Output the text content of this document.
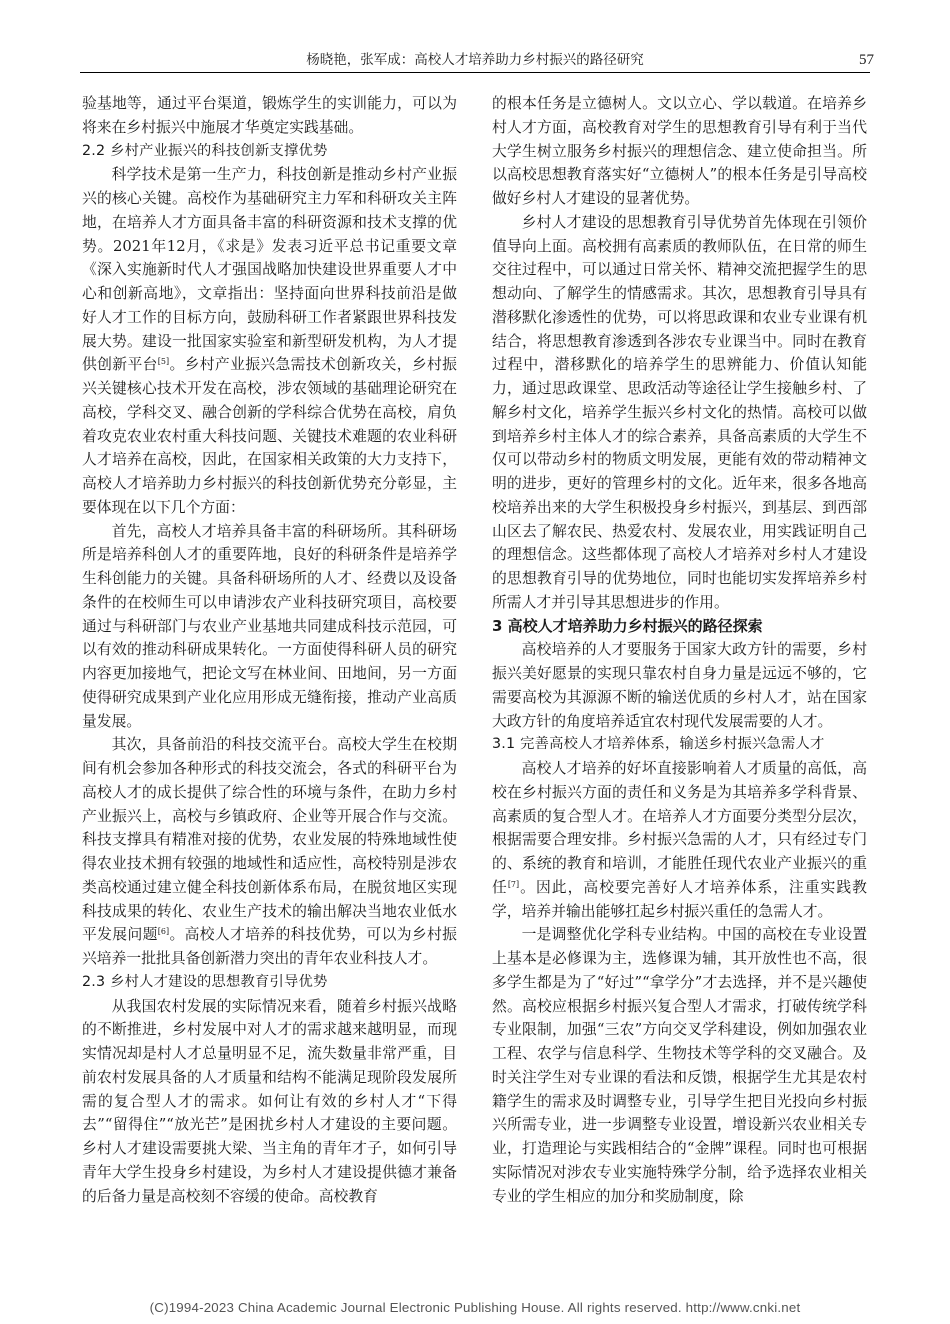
杨晓艳，张军成：高校人才培养助力乡村振兴的路径研究	57

验基地等，通过平台渠道，锻炼学生的实训能力，可以为将来在乡村振兴中施展才华奠定实践基础。

2.2 乡村产业振兴的科技创新支撑优势

科学技术是第一生产力，科技创新是推动乡村产业振兴的核心关键。高校作为基础研究主力军和科研攻关主阵地，在培养人才方面具备丰富的科研资源和技术支撑的优势。2021年12月，《求是》发表习近平总书记重要文章《深入实施新时代人才强国战略加快建设世界重要人才中心和创新高地》，文章指出：坚持面向世界科技前沿是做好人才工作的目标方向，鼓励科研工作者紧跟世界科技发展大势。建设一批国家实验室和新型研发机构，为人才提供创新平台[5]。乡村产业振兴急需技术创新攻关，乡村振兴关键核心技术开发在高校，涉农领域的基础理论研究在高校，学科交叉、融合创新的学科综合优势在高校，肩负着攻克农业农村重大科技问题、关键技术难题的农业科研人才培养在高校，因此，在国家相关政策的大力支持下，高校人才培养助力乡村振兴的科技创新优势充分彰显，主要体现在以下几个方面：

首先，高校人才培养具备丰富的科研场所。其科研场所是培养科创人才的重要阵地，良好的科研条件是培养学生科创能力的关键。具备科研场所的人才、经费以及设备条件的在校师生可以申请涉农产业科技研究项目，高校要通过与科研部门与农业产业基地共同建成科技示范园，可以有效的推动科研成果转化。一方面使得科研人员的研究内容更加接地气，把论文写在林业间、田地间，另一方面使得研究成果到产业化应用形成无缝衔接，推动产业高质量发展。

其次，具备前沿的科技交流平台。高校大学生在校期间有机会参加各种形式的科技交流会，各式的科研平台为高校人才的成长提供了综合性的环境与条件，在助力乡村产业振兴上，高校与乡镇政府、企业等开展合作与交流。科技支撑具有精准对接的优势，农业发展的特殊地域性使得农业技术拥有较强的地域性和适应性，高校特别是涉农类高校通过建立健全科技创新体系布局，在脱贫地区实现科技成果的转化、农业生产技术的输出解决当地农业低水平发展问题[6]。高校人才培养的科技优势，可以为乡村振兴培养一批批具备创新潜力突出的青年农业科技人才。

2.3 乡村人才建设的思想教育引导优势

从我国农村发展的实际情况来看，随着乡村振兴战略的不断推进，乡村发展中对人才的需求越来越明显，而现实情况却是村人才总量明显不足，流失数量非常严重，目前农村发展具备的人才质量和结构不能满足现阶段发展所需的复合型人才的需求。如何让有效的乡村人才“下得去”“留得住”“放光芒”是困扰乡村人才建设的主要问题。乡村人才建设需要挑大梁、当主角的青年才子，如何引导青年大学生投身乡村建设，为乡村人才建设提供德才兼备的后备力量是高校刻不容缓的使命。高校教育

的根本任务是立德树人。文以立心、学以载道。在培养乡村人才方面，高校教育对学生的思想教育引导有利于当代大学生树立服务乡村振兴的理想信念、建立使命担当。所以高校思想教育落实好“立德树人”的根本任务是引导高校做好乡村人才建设的显著优势。

乡村人才建设的思想教育引导优势首先体现在引领价值导向上面。高校拥有高素质的教师队伍，在日常的师生交往过程中，可以通过日常关怀、精神交流把握学生的思想动向、了解学生的情感需求。其次，思想教育引导具有潜移默化渗透性的优势，可以将思政课和农业专业课有机结合，将思想教育渗透到各涉农专业课当中。同时在教育过程中，潜移默化的培养学生的思辨能力、价值认知能力，通过思政课堂、思政活动等途径让学生接触乡村、了解乡村文化，培养学生振兴乡村文化的热情。高校可以做到培养乡村主体人才的综合素养，具备高素质的大学生不仅可以带动乡村的物质文明发展，更能有效的带动精神文明的进步，更好的管理乡村的文化。近年来，很多各地高校培养出来的大学生积极投身乡村振兴，到基层、到西部山区去了解农民、热爱农村、发展农业，用实践证明自己的理想信念。这些都体现了高校人才培养对乡村人才建设的思想教育引导的优势地位，同时也能切实发挥培养乡村所需人才并引导其思想进步的作用。

3 高校人才培养助力乡村振兴的路径探索

高校培养的人才要服务于国家大政方针的需要，乡村振兴美好愿景的实现只靠农村自身力量是远远不够的，它需要高校为其源源不断的输送优质的乡村人才，站在国家大政方针的角度培养适宜农村现代发展需要的人才。

3.1 完善高校人才培养体系，输送乡村振兴急需人才

高校人才培养的好坏直接影响着人才质量的高低，高校在乡村振兴方面的责任和义务是为其培养多学科背景、高素质的复合型人才。在培养人才方面要分类型分层次，根据需要合理安排。乡村振兴急需的人才，只有经过专门的、系统的教育和培训，才能胜任现代农业产业振兴的重任[7]。因此，高校要完善好人才培养体系，注重实践教学，培养并输出能够扛起乡村振兴重任的急需人才。

一是调整优化学科专业结构。中国的高校在专业设置上基本是必修课为主，选修课为辅，其开放性也不高，很多学生都是为了“好过”“拿学分”才去选择，并不是兴趣使然。高校应根据乡村振兴复合型人才需求，打破传统学科专业限制，加强“三农”方向交叉学科建设，例如加强农业工程、农学与信息科学、生物技术等学科的交叉融合。及时关注学生对专业课的看法和反馈，根据学生尤其是农村籍学生的需求及时调整专业，引导学生把目光投向乡村振兴所需专业，进一步调整专业设置，增设新兴农业相关专业，打造理论与实践相结合的“金牌”课程。同时也可根据实际情况对涉农专业实施特殊学分制，给予选择农业相关专业的学生相应的加分和奖励制度，除

(C)1994-2023 China Academic Journal Electronic Publishing House. All rights reserved. http://www.cnki.net
